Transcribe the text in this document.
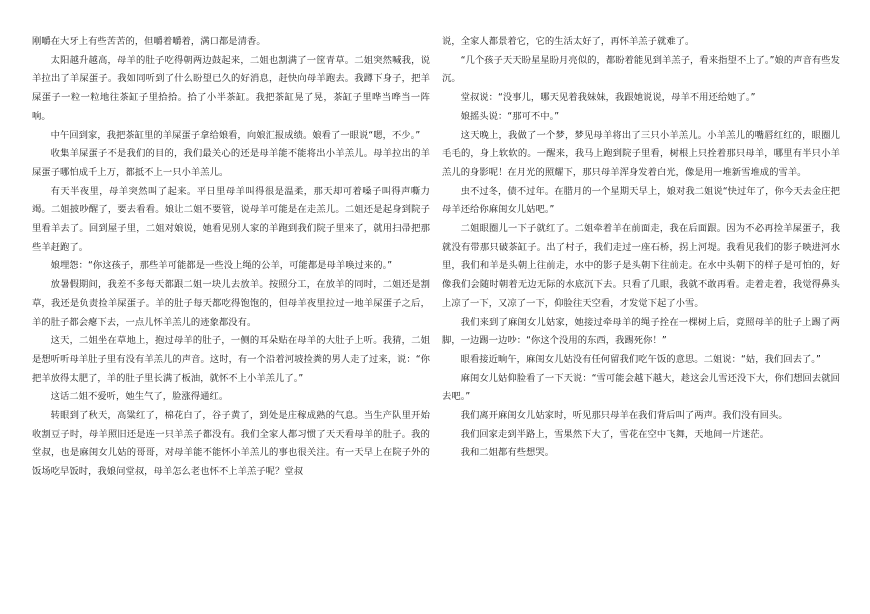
刚嚼在大牙上有些苦苦的，但嚼着嚼着，满口都是清香。

太阳越升越高，母羊的肚子吃得朝两边鼓起来，二姐也割满了一筐青草。二姐突然喊我，说羊拉出了羊屎蛋子。我如同听到了什么盼望已久的好消息，赶快向母羊跑去。我蹲下身子，把羊屎蛋子一粒一粒地往茶缸子里拾拾。拾了小半茶缸。我把茶缸晃了晃，茶缸子里哗当哗当一阵响。

中午回到家，我把茶缸里的羊屎蛋子拿给娘看，向娘汇报成绩。娘看了一眼说“嗯，不少。”

收集羊屎蛋子不是我们的目的，我们最关心的还是母羊能不能将出小羊羔儿。母羊拉出的羊屎蛋子哪怕成千上万，都抵不上一只小羊羔儿。

有天半夜里，母羊突然叫了起来。平日里母羊叫得很是温柔，那天却可着嗓子叫得声嘶力竭。二姐披吵醒了，要去看看。娘让二姐不要管，说母羊可能是在走羔儿。二姐还是起身到院子里看羊去了。回到屋子里，二姐对娘说，她看见别人家的羊跑到我们院子里来了，就用扫帚把那些羊赶跑了。

娘埋怨：“你这孩子，那些羊可能都是一些没上绳的公羊，可能都是母羊唤过来的。”

放暑假期间，我差不多每天都跟二姐一块儿去放羊。按照分工，在放羊的同时，二姐还是割草，我还是负责捡羊屎蛋子。羊的肚子每天都吃得饱饱的，但母羊夜里拉过一地羊屎蛋子之后，羊的肚子都会瘪下去，一点儿怀羊羔儿的迹象都没有。

这天，二姐坐在草地上，抱过母羊的肚子，一侧的耳朵贴在母羊的大肚子上听。我猜，二姐是想听听母羊肚子里有没有羊羔儿的声音。这时，有一个沿着河坡捡粪的男人走了过来，说：“你把羊放得太肥了，羊的肚子里长满了板油，就怀不上小羊羔儿了。”

这话二姐不爱听，她生气了，脸涨得通红。

转眼到了秋天，高粱红了，棉花白了，谷子黄了，到处是庄稼成熟的气息。当生产队里开始收割豆子时，母羊照旧还是连一只羊羔子都没有。我们全家人都习惯了天天看母羊的肚子。我的堂叔，也是麻闺女儿姑的哥哥，对母羊能不能怀小羊羔儿的事也很关注。有一天早上在院子外的饭场吃早饭时，我娘问堂叔，母羊怎么老也怀不上羊羔子呢？堂叔

说，全家人都景着它，它的生活太好了，再怀羊羔子就难了。

“几个孩子天天盼星星盼月亮似的，都盼着能见到羊羔子，看来指望不上了。”娘的声音有些发沉。

堂叔说：“没事儿，哪天见着我妹妹，我跟她说说，母羊不用还给她了。”

娘摇头说：“那可不中。”

这天晚上，我做了一个梦，梦见母羊将出了三只小羊羔儿。小羊羔儿的嘴唇红红的，眼圈儿毛毛的，身上软软的。一醒来，我马上跑到院子里看，树根上只拴着那只母羊，哪里有半只小羊羔儿的身影呢！在月光的照耀下，那只母羊浑身发着白光，像是用一堆新雪堆成的雪羊。

虫不过冬，债不过年。在腊月的一个星期天早上，娘对我二姐说“快过年了，你今天去金庄把母羊还给你麻闺女儿姑吧。”

二姐眼圈儿一下子就红了。二姐牵着羊在前面走，我在后面跟。因为不必再捡羊屎蛋子，我就没有带那只破茶缸子。出了村子，我们走过一座石桥，拐上河堤。我看见我们的影子映进河水里，我们和羊是头朝上往前走，水中的影子是头朝下往前走。在水中头朝下的样子是可怕的，好像我们会随时朝着无边无际的水底沉下去。只看了几眼，我就不敢再看。走着走着，我觉得鼻头上凉了一下，又凉了一下，仰脸往天空看，才发觉下起了小雪。

我们来到了麻闺女儿姑家，她接过牵母羊的绳子拴在一棵树上后，竟照母羊的肚子上踢了两脚，一边踢一边吵：“你这个没用的东西，我踢死你！”

眼看接近晌午，麻闺女儿姑没有任何留我们吃午饭的意思。二姐说：“姑，我们回去了。”

麻闺女儿姑仰脸看了一下天说：“雪可能会越下越大，趁这会儿雪还没下大，你们想回去就回去吧。”

我们离开麻闺女儿姑家时，听见那只母羊在我们背后叫了两声。我们没有回头。

我们回家走到半路上，雪果然下大了，雪花在空中飞舞，天地间一片迷茫。

我和二姐都有些想哭。
